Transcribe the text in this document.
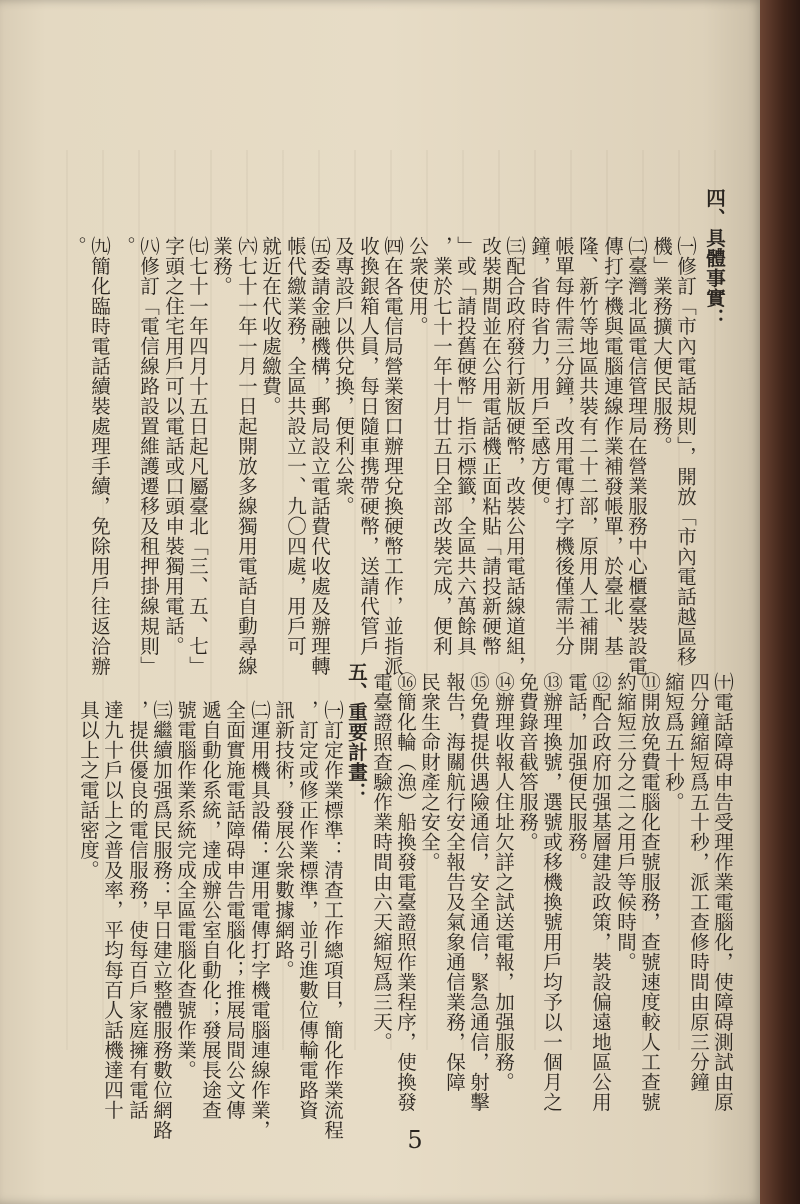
四、具體事實：
㈠修訂「市內電話規則」，開放「市內電話越區移
機」業務擴大便民服務。
㈡臺灣北區電信管理局在營業服務中心櫃臺裝設電
傳打字機與電腦連線作業補發帳單，於臺北、基
隆、新竹等地區共裝有二十二部，原用人工補開
帳單每件需三分鐘，改用電傳打字機後僅需半分
鐘，省時省力，用戶至感方便。
㈢配合政府發行新版硬幣，改裝公用電話線道組，
改裝期間並在公用電話機正面粘貼「請投新硬幣
」或「請投舊硬幣」指示標籤，全區共六萬餘具
，業於七十一年十月廿五日全部改裝完成，便利
公衆使用。
㈣在各電信局營業窗口辦理兌換硬幣工作，並指派
收換銀箱人員，每日隨車携帶硬幣，送請代管戶
及專設戶以供兌換，便利公衆。
㈤委請金融機構，郵局設立電話費代收處及辦理轉
帳代繳業務，全區共設立一、九〇四處，用戶可
就近在代收處繳費。
㈥七十一年一月一日起開放多線獨用電話自動尋線
業務。
㈦七十一年四月十五日起凡屬臺北「三、五、七」
字頭之住宅用戶可以電話或口頭申裝獨用電話。
㈧修訂「電信線路設置維護遷移及租押掛線規則」
。
㈨簡化臨時電話續裝處理手續，免除用戶往返洽辦
。
㈩電話障碍申告受理作業電腦化，使障碍測試由原
四分鐘縮短爲五十秒，派工查修時間由原三分鐘
縮短爲五十秒。
⑪開放免費電腦化查號服務，查號速度較人工查號
約縮短三分之二之用戶等候時間。
⑫配合政府加强基層建設政策，裝設偏遠地區公用
電話，加强便民服務。
⑬辦理換號，選號或移機換號用戶均予以一個月之
免費錄音截答服務。
⑭辦理收報人住址欠詳之試送電報，加强服務。
⑮免費提供遇險通信，安全通信，緊急通信，射擊
報告，海關航行安全報告及氣象通信業務，保障
民衆生命財產之安全。
⑯簡化輪（漁）船換發電臺證照作業程序，使換發
電臺證照查驗作業時間由六天縮短爲三天。
五、重要計畫：
㈠訂定作業標準：清查工作總項目，簡化作業流程
，訂定或修正作業標準，並引進數位傳輸電路資
訊新技術，發展公衆數據網路。
㈡運用機具設備：運用電傳打字機電腦連線作業，
全面實施電話障碍申告電腦化；推展局間公文傳
遞自動化系統，達成辦公室自動化；發展長途查
號電腦作業系統完成全區電腦化查號作業。
㈢繼續加强爲民服務：早日建立整體服務數位網路
，提供優良的電信服務，使每百戶家庭擁有電話
達九十戶以上之普及率，平均每百人話機達四十
具以上之電話密度。
5
